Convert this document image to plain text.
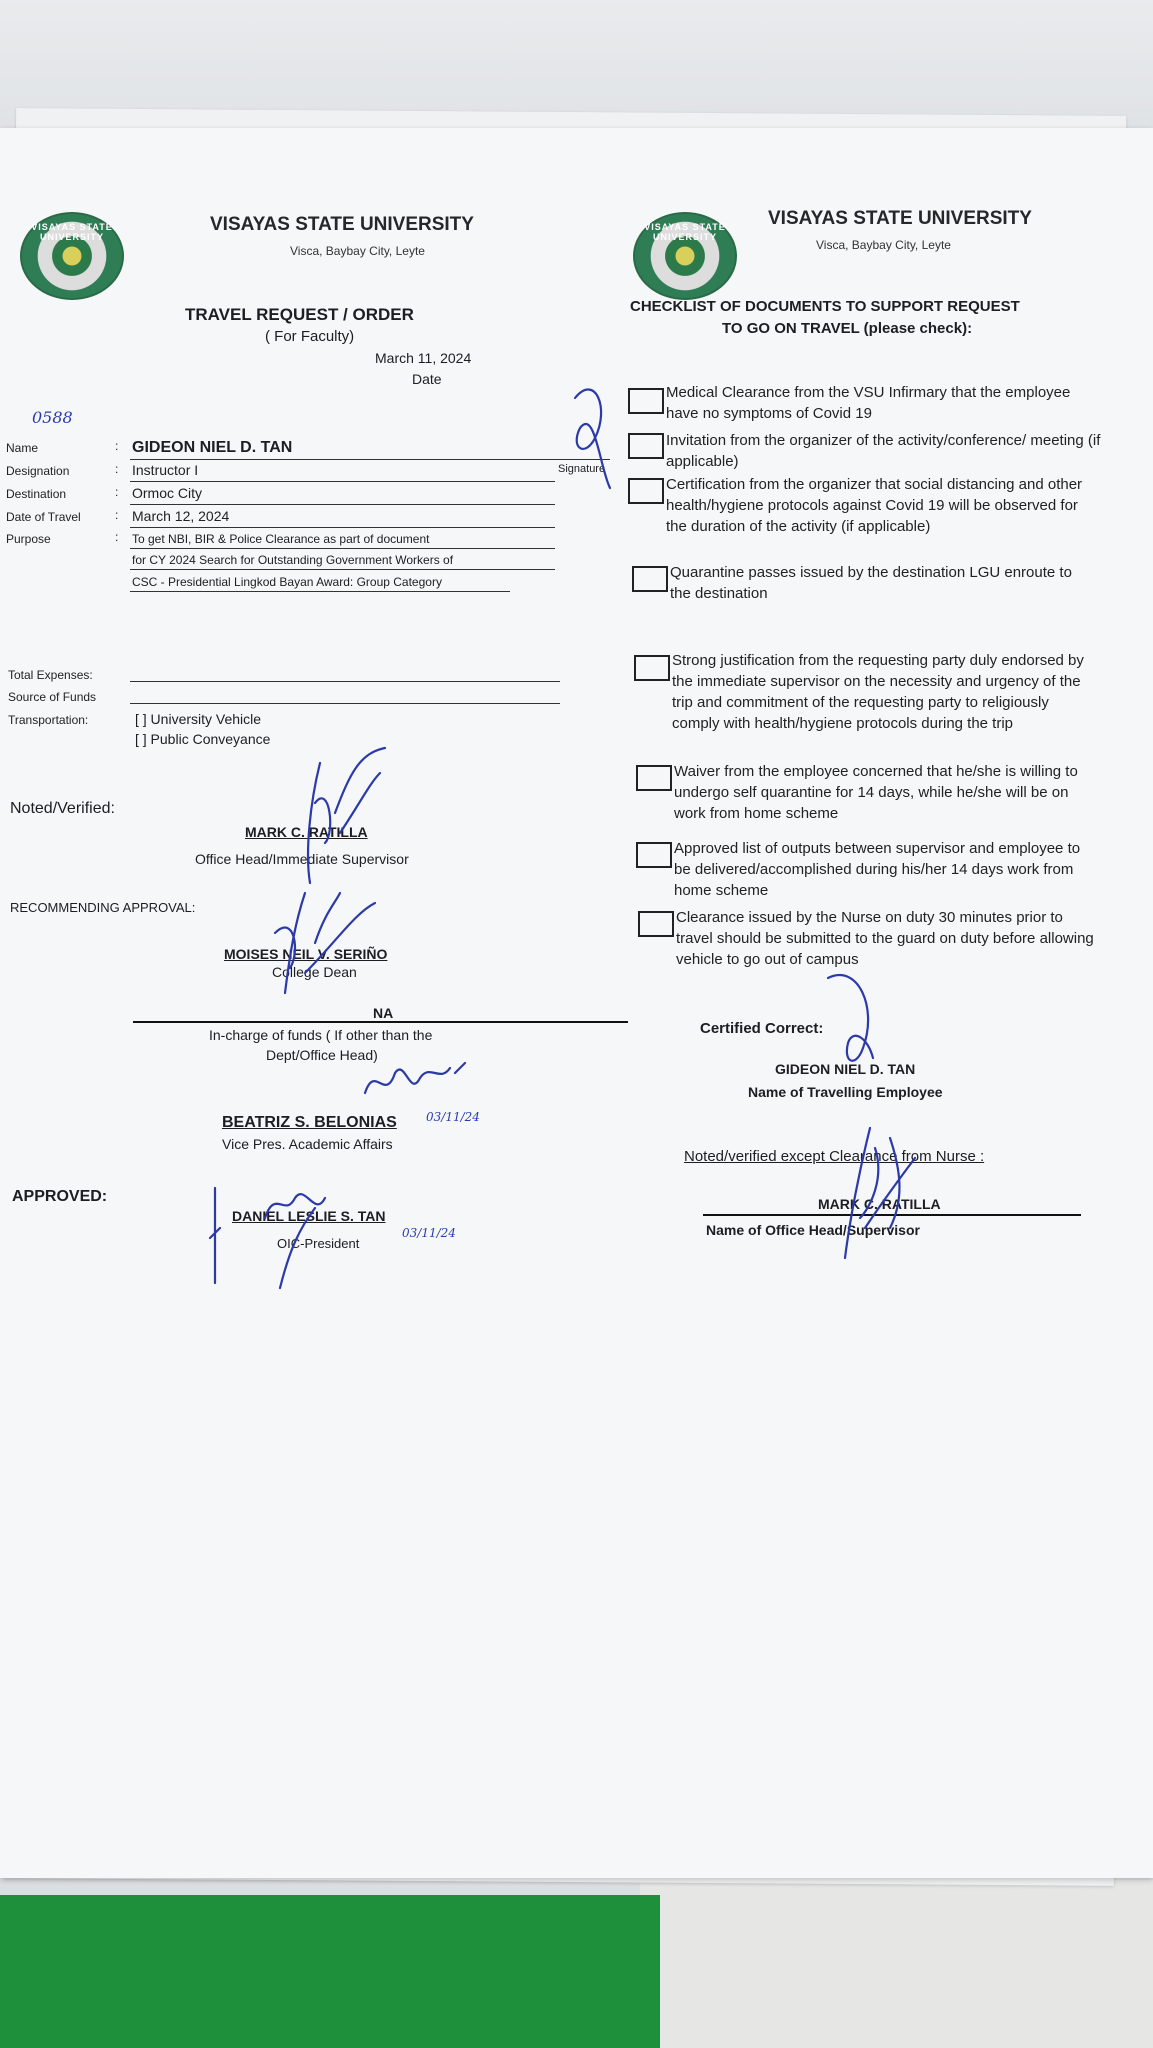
VISAYAS STATE UNIVERSITY
VISAYAS STATE UNIVERSITY
Visca, Baybay City, Leyte
TRAVEL REQUEST / ORDER
( For Faculty)
March 11, 2024
Date
0588
Name	: GIDEON NIEL D. TAN
Designation	: Instructor I	Signature
Destination	: Ormoc City
Date of Travel	: March 12, 2024
Purpose	: To get NBI, BIR & Police Clearance as part of document
for CY 2024 Search for Outstanding Government Workers of
CSC - Presidential Lingkod Bayan Award: Group Category
Total Expenses:
Source of Funds
Transportation:	[ ] University Vehicle
[ ] Public Conveyance
Noted/Verified:
MARK C. RATILLA
Office Head/Immediate Supervisor
RECOMMENDING APPROVAL:
MOISES NEIL V. SERIÑO
College Dean
NA
In-charge of funds ( If other than the
Dept/Office Head)
BEATRIZ S. BELONIAS 03/11/24
Vice Pres. Academic Affairs
APPROVED:
DANIEL LESLIE S. TAN
OIC-President
03/11/24
VISAYAS STATE UNIVERSITY
VISAYAS STATE UNIVERSITY
Visca, Baybay City, Leyte
CHECKLIST OF DOCUMENTS TO SUPPORT REQUEST
TO GO ON TRAVEL (please check):
Medical Clearance from the VSU Infirmary that the employee have no symptoms of Covid 19
Invitation from the organizer of the activity/conference/ meeting (if applicable)
Certification from the organizer that social distancing and other health/hygiene protocols against Covid 19 will be observed for the duration of the activity (if applicable)
Quarantine passes issued by the destination LGU enroute to the destination
Strong justification from the requesting party duly endorsed by the immediate supervisor on the necessity and urgency of the trip and commitment of the requesting party to religiously comply with health/hygiene protocols during the trip
Waiver from the employee concerned that he/she is willing to undergo self quarantine for 14 days, while he/she will be on work from home scheme
Approved list of outputs between supervisor and employee to be delivered/accomplished during his/her 14 days work from home scheme
Clearance issued by the Nurse on duty 30 minutes prior to travel should be submitted to the guard on duty before allowing vehicle to go out of campus
Certified Correct:
GIDEON NIEL D. TAN
Name of Travelling Employee
Noted/verified except Clearance from Nurse :
MARK C. RATILLA
Name of Office Head/Supervisor
